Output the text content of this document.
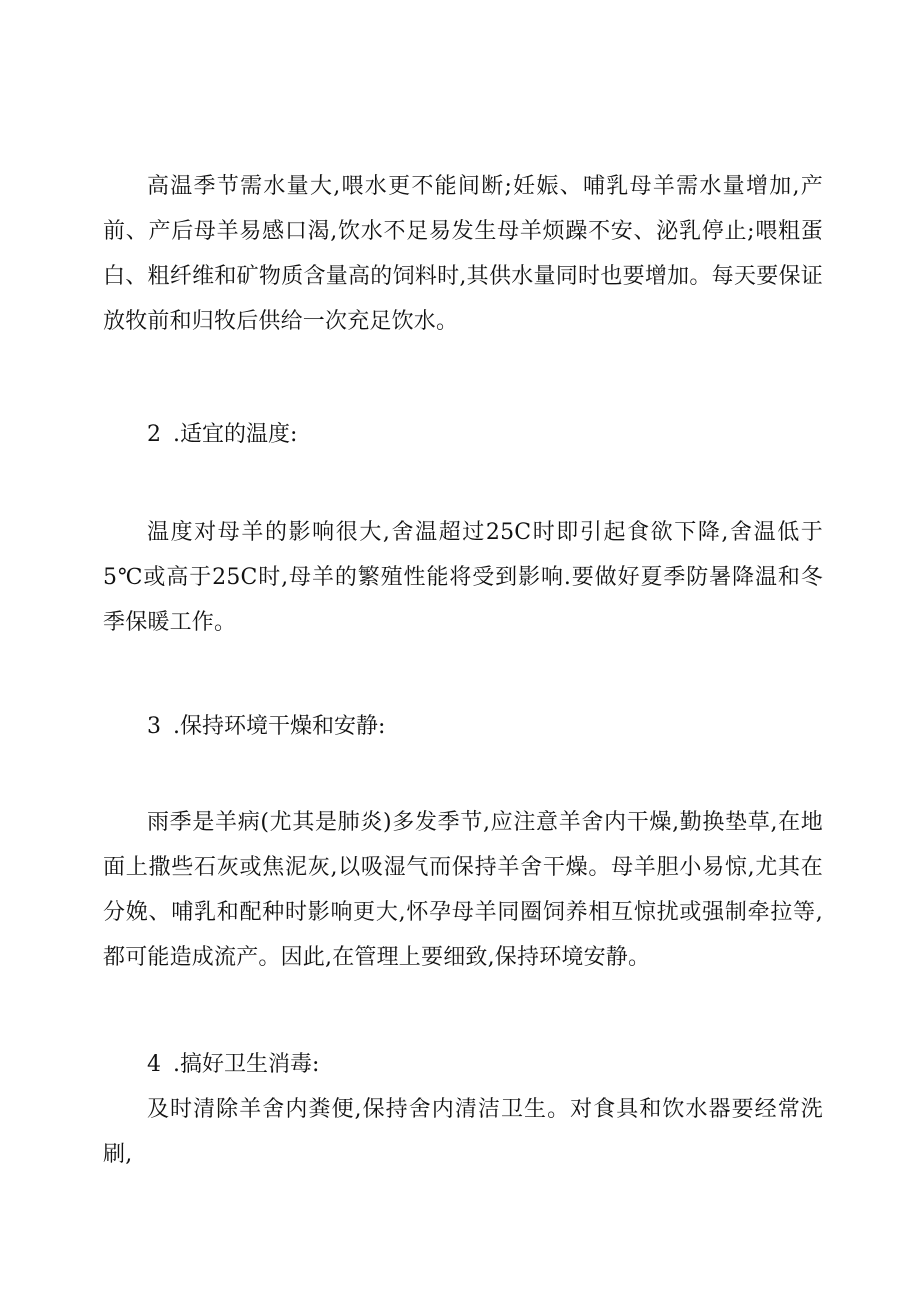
高温季节需水量大,喂水更不能间断;妊娠、哺乳母羊需水量增加,产前、产后母羊易感口渴,饮水不足易发生母羊烦躁不安、泌乳停止;喂粗蛋白、粗纤维和矿物质含量高的饲料时,其供水量同时也要增加。每天要保证放牧前和归牧后供给一次充足饮水。

2 .适宜的温度:

温度对母羊的影响很大,舍温超过25C时即引起食欲下降,舍温低于5℃或高于25C时,母羊的繁殖性能将受到影响.要做好夏季防暑降温和冬季保暖工作。

3 .保持环境干燥和安静:

雨季是羊病(尤其是肺炎)多发季节,应注意羊舍内干燥,勤换垫草,在地面上撒些石灰或焦泥灰,以吸湿气而保持羊舍干燥。母羊胆小易惊,尤其在分娩、哺乳和配种时影响更大,怀孕母羊同圈饲养相互惊扰或强制牵拉等,都可能造成流产。因此,在管理上要细致,保持环境安静。

4 .搞好卫生消毒:

及时清除羊舍内粪便,保持舍内清洁卫生。对食具和饮水器要经常洗刷,
